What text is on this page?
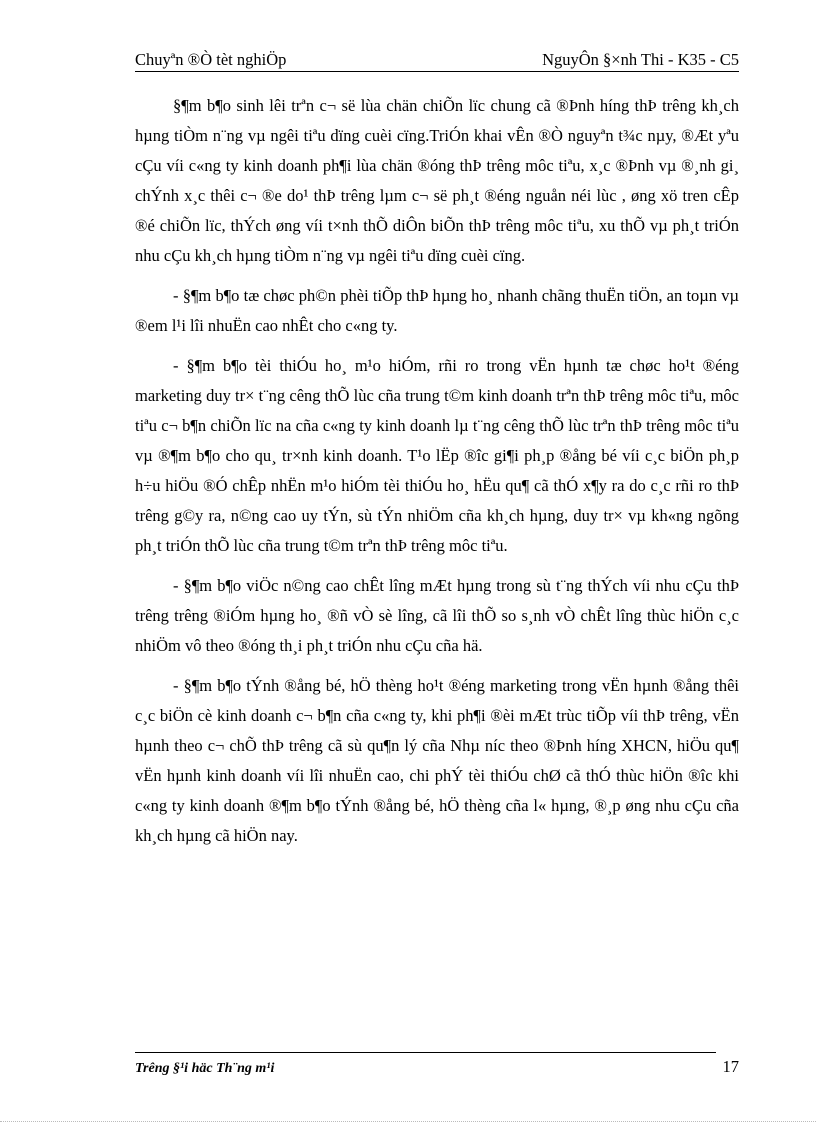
Chuyªn ®Ò tèt nghiÖp	NguyÔn §×nh Thi - K35 - C5

§¶m b¶o sinh lêi trªn c¬ së lùa chän chiÕn lïc chung cã ®Þnh híng thÞ trêng kh¸ch hµng tiÒm n¨ng vµ ngêi tiªu dïng cuèi cïng.TriÓn khai vÊn ®Ò nguyªn t¾c nµy, ®Æt yªu cÇu víi c«ng ty kinh doanh ph¶i lùa chän ®óng thÞ trêng môc tiªu, x¸c ®Þnh vµ ®¸nh gi¸ chÝnh x¸c thêi c¬ ®e do¹ thÞ trêng lµm c¬ së ph¸t ®éng nguån néi lùc , øng xö tren cÊp ®é chiÕn lïc, thÝch øng víi t×nh thÕ diÔn biÕn thÞ trêng môc tiªu, xu thÕ vµ ph¸t triÓn nhu cÇu kh¸ch hµng tiÒm n¨ng vµ ngêi tiªu dïng cuèi cïng.

- §¶m b¶o tæ chøc ph©n phèi tiÕp thÞ hµng ho¸ nhanh chãng thuËn tiÖn, an toµn vµ ®em l¹i lîi nhuËn cao nhÊt cho c«ng ty.

- §¶m b¶o tèi thiÓu ho¸ m¹o hiÓm, rñi ro trong vËn hµnh tæ chøc ho¹t ®éng marketing duy tr× t¨ng cêng thÕ lùc cña trung t©m kinh doanh trªn thÞ trêng môc tiªu, môc tiªu c¬ b¶n chiÕn lïc na cña c«ng ty kinh doanh lµ t¨ng cêng thÕ lùc trªn thÞ trêng môc tiªu vµ ®¶m b¶o cho qu¸ tr×nh kinh doanh. T¹o lËp ®îc gi¶i ph¸p ®ång bé víi c¸c biÖn ph¸p h÷u hiÖu ®Ó chÊp nhËn m¹o hiÓm tèi thiÓu ho¸ hËu qu¶ cã thÓ x¶y ra do c¸c rñi ro thÞ trêng g©y ra, n©ng cao uy tÝn, sù tÝn nhiÖm cña kh¸ch hµng, duy tr× vµ kh«ng ngõng ph¸t triÓn thÕ lùc cña trung t©m trªn thÞ trêng môc tiªu.

- §¶m b¶o viÖc n©ng cao chÊt lîng mÆt hµng trong sù t¨ng thÝch víi nhu cÇu thÞ trêng trêng ®iÓm hµng ho¸ ®ñ vÒ sè lîng, cã lîi thÕ so s¸nh vÒ chÊt lîng thùc hiÖn c¸c nhiÖm vô theo ®óng th¸i ph¸t triÓn nhu cÇu cña hä.

- §¶m b¶o tÝnh ®ång bé, hÖ thèng ho¹t ®éng marketing trong vËn hµnh ®ång thêi c¸c biÖn cè kinh doanh c¬ b¶n cña c«ng ty, khi ph¶i ®èi mÆt trùc tiÕp víi thÞ trêng, vËn hµnh theo c¬ chÕ thÞ trêng cã sù qu¶n lý cña Nhµ níc theo ®Þnh híng XHCN, hiÖu qu¶ vËn hµnh kinh doanh víi lîi nhuËn cao, chi phÝ tèi thiÓu chØ cã thÓ thùc hiÖn ®îc khi c«ng ty kinh doanh ®¶m b¶o tÝnh ®ång bé, hÖ thèng cña l« hµng, ®¸p øng nhu cÇu cña kh¸ch hµng cã hiÖn nay.

Trêng §¹i häc Th¨ng m¹i	17
